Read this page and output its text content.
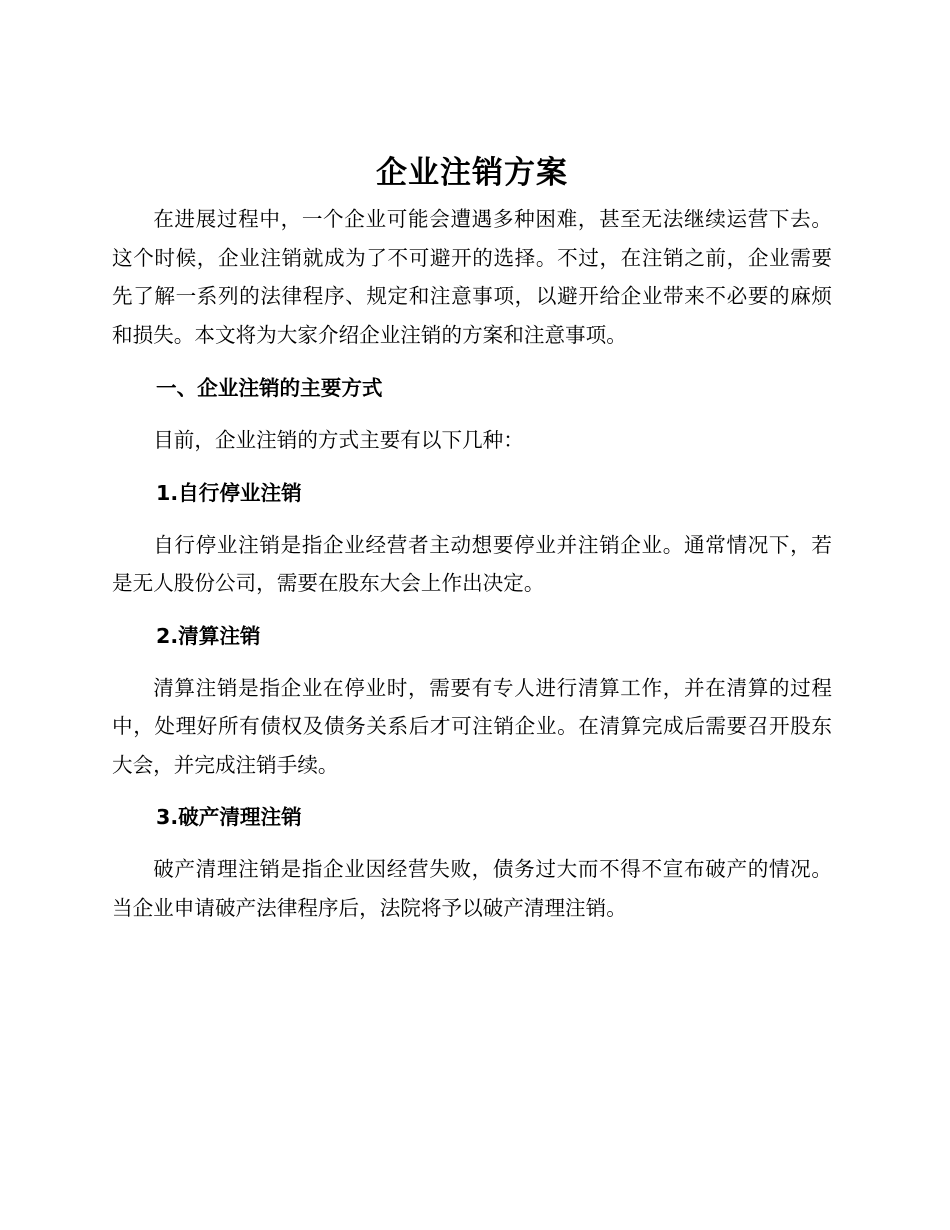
企业注销方案

在进展过程中，一个企业可能会遭遇多种困难，甚至无法继续运营下去。这个时候，企业注销就成为了不可避开的选择。不过，在注销之前，企业需要先了解一系列的法律程序、规定和注意事项，以避开给企业带来不必要的麻烦和损失。本文将为大家介绍企业注销的方案和注意事项。

一、企业注销的主要方式

目前，企业注销的方式主要有以下几种：

1.自行停业注销

自行停业注销是指企业经营者主动想要停业并注销企业。通常情况下，若是无人股份公司，需要在股东大会上作出决定。

2.清算注销

清算注销是指企业在停业时，需要有专人进行清算工作，并在清算的过程中，处理好所有债权及债务关系后才可注销企业。在清算完成后需要召开股东大会，并完成注销手续。

3.破产清理注销

破产清理注销是指企业因经营失败，债务过大而不得不宣布破产的情况。当企业申请破产法律程序后，法院将予以破产清理注销。
